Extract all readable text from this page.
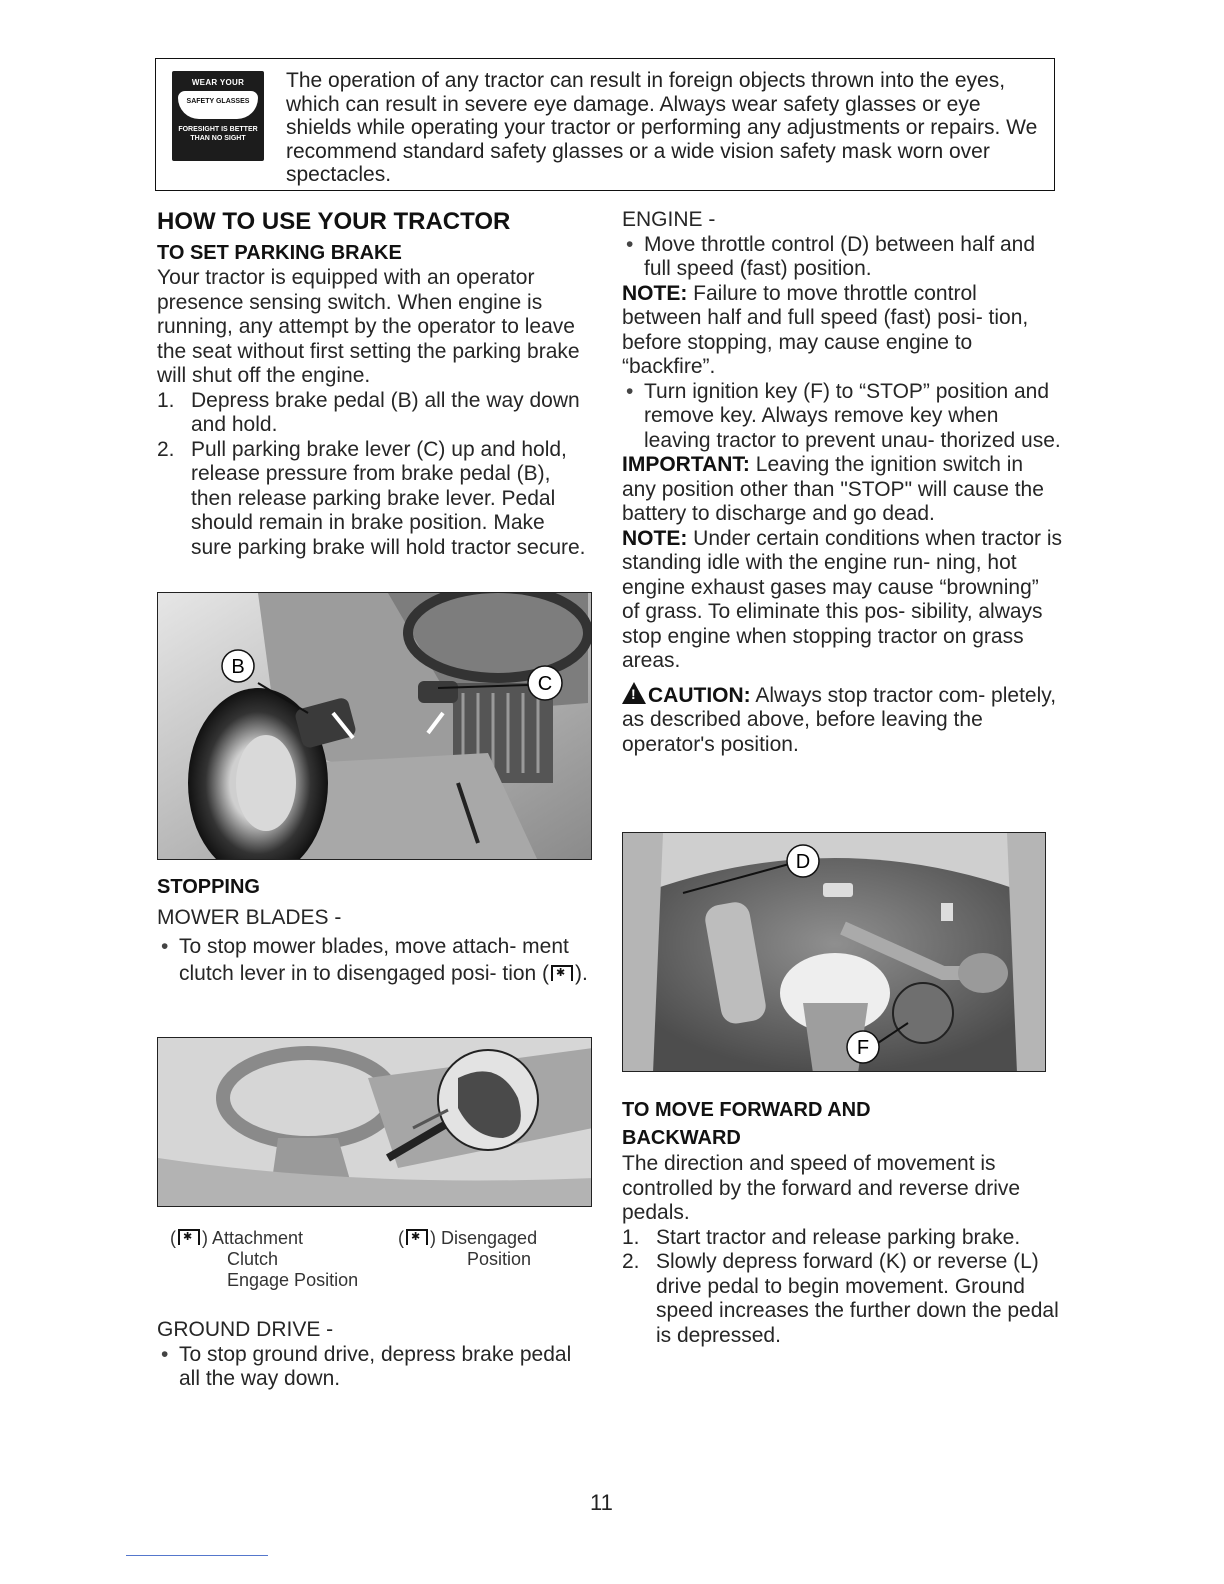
WEAR YOUR
SAFETY GLASSES
FORESIGHT IS BETTER
THAN NO SIGHT
The operation of any tractor can result in foreign objects thrown into the eyes, which can result in severe eye damage. Always wear safety glasses or eye shields while operating your tractor or performing any adjustments or repairs. We recommend standard safety glasses or a wide vision safety mask worn over spectacles.

HOW TO USE YOUR TRACTOR

TO SET PARKING BRAKE

Your tractor is equipped with an operator presence sensing switch. When engine is running, any attempt by the operator to leave the seat without first setting the parking brake will shut off the engine.

1. Depress brake pedal (B) all the way down and hold.
2. Pull parking brake lever (C) up and hold, release pressure from brake pedal (B), then release parking brake lever. Pedal should remain in brake position. Make sure parking brake will hold tractor secure.
B
C

STOPPING

MOWER BLADES -

• To stop mower blades, move attach- ment clutch lever in to disengaged posi- tion (✱ ).
( ✱ ) Attachment
Clutch
Engage Position
( ✱ ) Disengaged
Position

GROUND DRIVE -

• To stop ground drive, depress brake pedal all the way down.

ENGINE -

• Move throttle control (D) between half and full speed (fast) position.

NOTE: Failure to move throttle control between half and full speed (fast) posi- tion, before stopping, may cause engine to “backfire”.

• Turn ignition key (F) to “STOP” position and remove key. Always remove key when leaving tractor to prevent unau- thorized use.

IMPORTANT: Leaving the ignition switch in any position other than "STOP" will cause the battery to discharge and go dead.

NOTE: Under certain conditions when tractor is standing idle with the engine run- ning, hot engine exhaust gases may cause “browning” of grass. To eliminate this pos- sibility, always stop engine when stopping tractor on grass areas.

!CAUTION: Always stop tractor com- pletely, as described above, before leaving the operator's position.

D
F

TO MOVE FORWARD AND

BACKWARD

The direction and speed of movement is controlled by the forward and reverse drive pedals.

1. Start tractor and release parking brake.
2. Slowly depress forward (K) or reverse (L) drive pedal to begin movement. Ground speed increases the further down the pedal is depressed.
11
